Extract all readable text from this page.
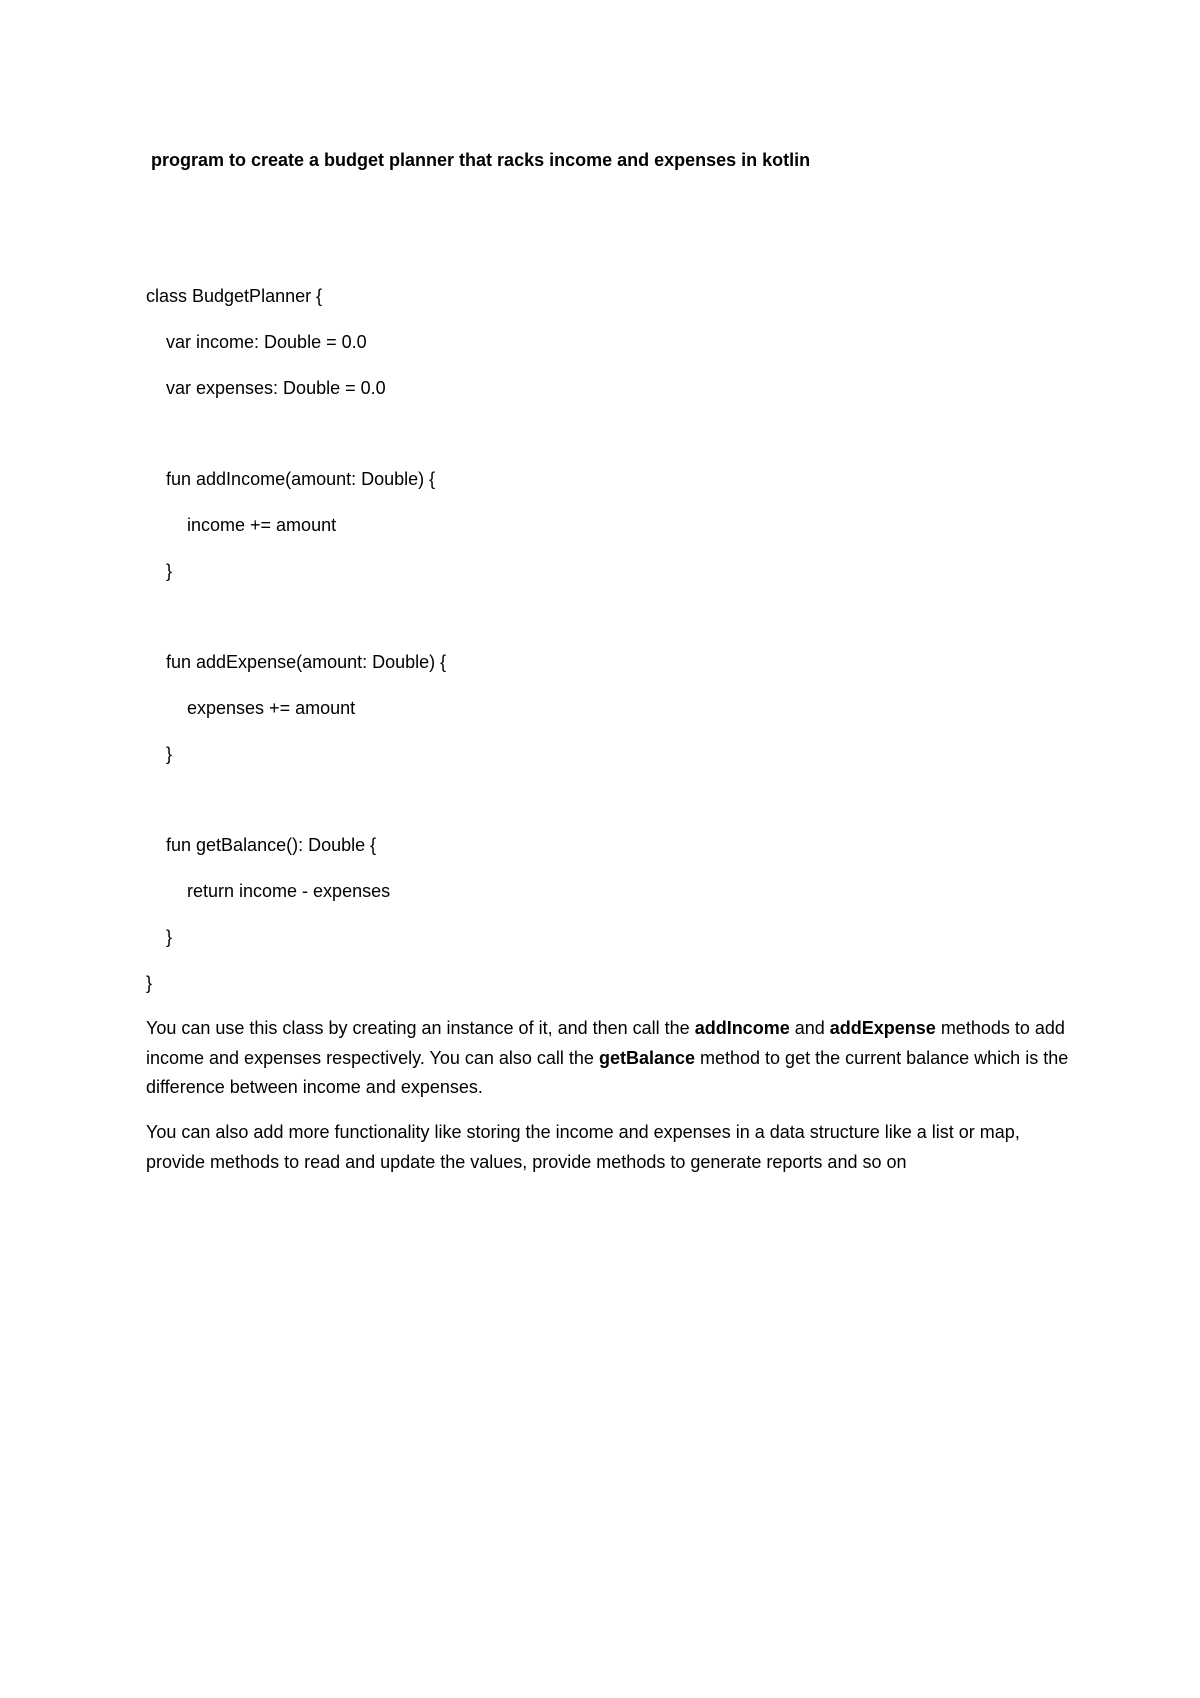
program to create a budget planner that racks income and expenses in kotlin
class BudgetPlanner {
var income: Double = 0.0
var expenses: Double = 0.0
fun addIncome(amount: Double) {
income += amount
}
fun addExpense(amount: Double) {
expenses += amount
}
fun getBalance(): Double {
return income - expenses
}
}

You can use this class by creating an instance of it, and then call the addIncome and addExpense methods to add income and expenses respectively. You can also call the getBalance method to get the current balance which is the difference between income and expenses.

You can also add more functionality like storing the income and expenses in a data structure like a list or map, provide methods to read and update the values, provide methods to generate reports and so on
